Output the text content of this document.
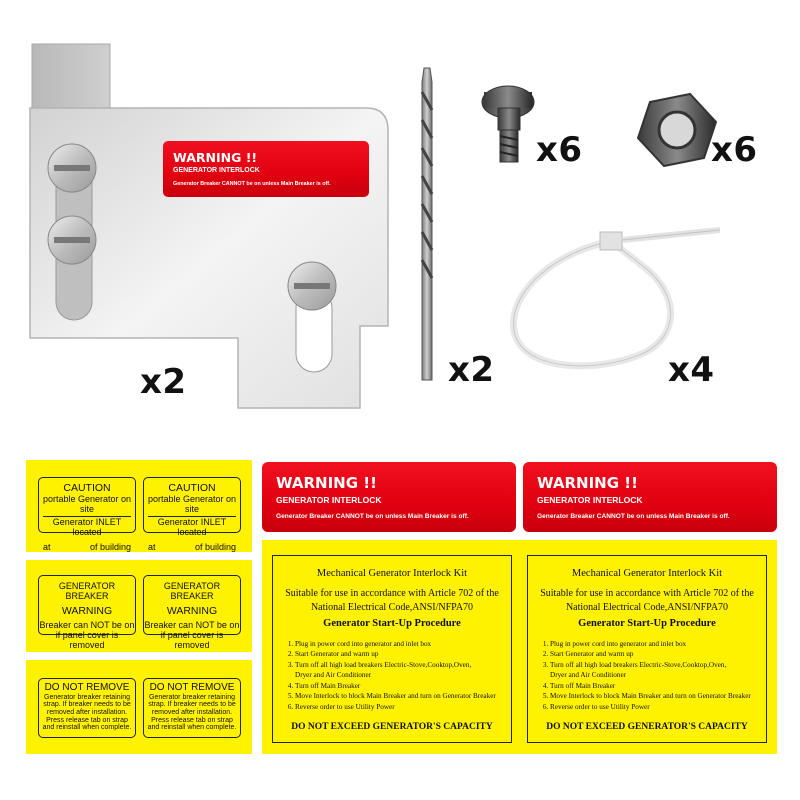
WARNING !!
GENERATOR INTERLOCK
Generator Breaker CANNOT be on unless Main Breaker is off.
x2	x2
x6	x6
x4
CAUTION
portable Generator on site
Generator INLET located
at	of building
CAUTION
portable Generator on site
Generator INLET located
at	of building
GENERATOR BREAKER
WARNING
Breaker can NOT be on
if panel cover is removed
GENERATOR BREAKER
WARNING
Breaker can NOT be on
if panel cover is removed
DO NOT REMOVE
Generator breaker retaining
strap. If breaker needs to be
removed after installation.
Press release tab on strap
and reinstall when complete.
DO NOT REMOVE
Generator breaker retaining
strap. If breaker needs to be
removed after installation.
Press release tab on strap
and reinstall when complete.
WARNING !!
GENERATOR INTERLOCK
Generator Breaker CANNOT be on unless Main Breaker is off.
WARNING !!
GENERATOR INTERLOCK
Generator Breaker CANNOT be on unless Main Breaker is off.
Mechanical Generator Interlock Kit
Suitable for use in accordance with Article 702 of the
National Electrical Code,ANSI/NFPA70
Generator Start-Up Procedure
1. Plug in power cord into generator and inlet box
2. Start Generator and warm up
3. Turn off all high load breakers Electric-Stove,Cooktop,Oven,
Dryer and Air Conditioner
4. Turn off Main Breaker
5. Move Interlock to block Main Breaker and turn on Generator Breaker
6. Reverse order to use Utility Power
DO NOT EXCEED GENERATOR'S CAPACITY
Mechanical Generator Interlock Kit
Suitable for use in accordance with Article 702 of the
National Electrical Code,ANSI/NFPA70
Generator Start-Up Procedure
1. Plug in power cord into generator and inlet box
2. Start Generator and warm up
3. Turn off all high load breakers Electric-Stove,Cooktop,Oven,
Dryer and Air Conditioner
4. Turn off Main Breaker
5. Move Interlock to block Main Breaker and turn on Generator Breaker
6. Reverse order to use Utility Power
DO NOT EXCEED GENERATOR'S CAPACITY
